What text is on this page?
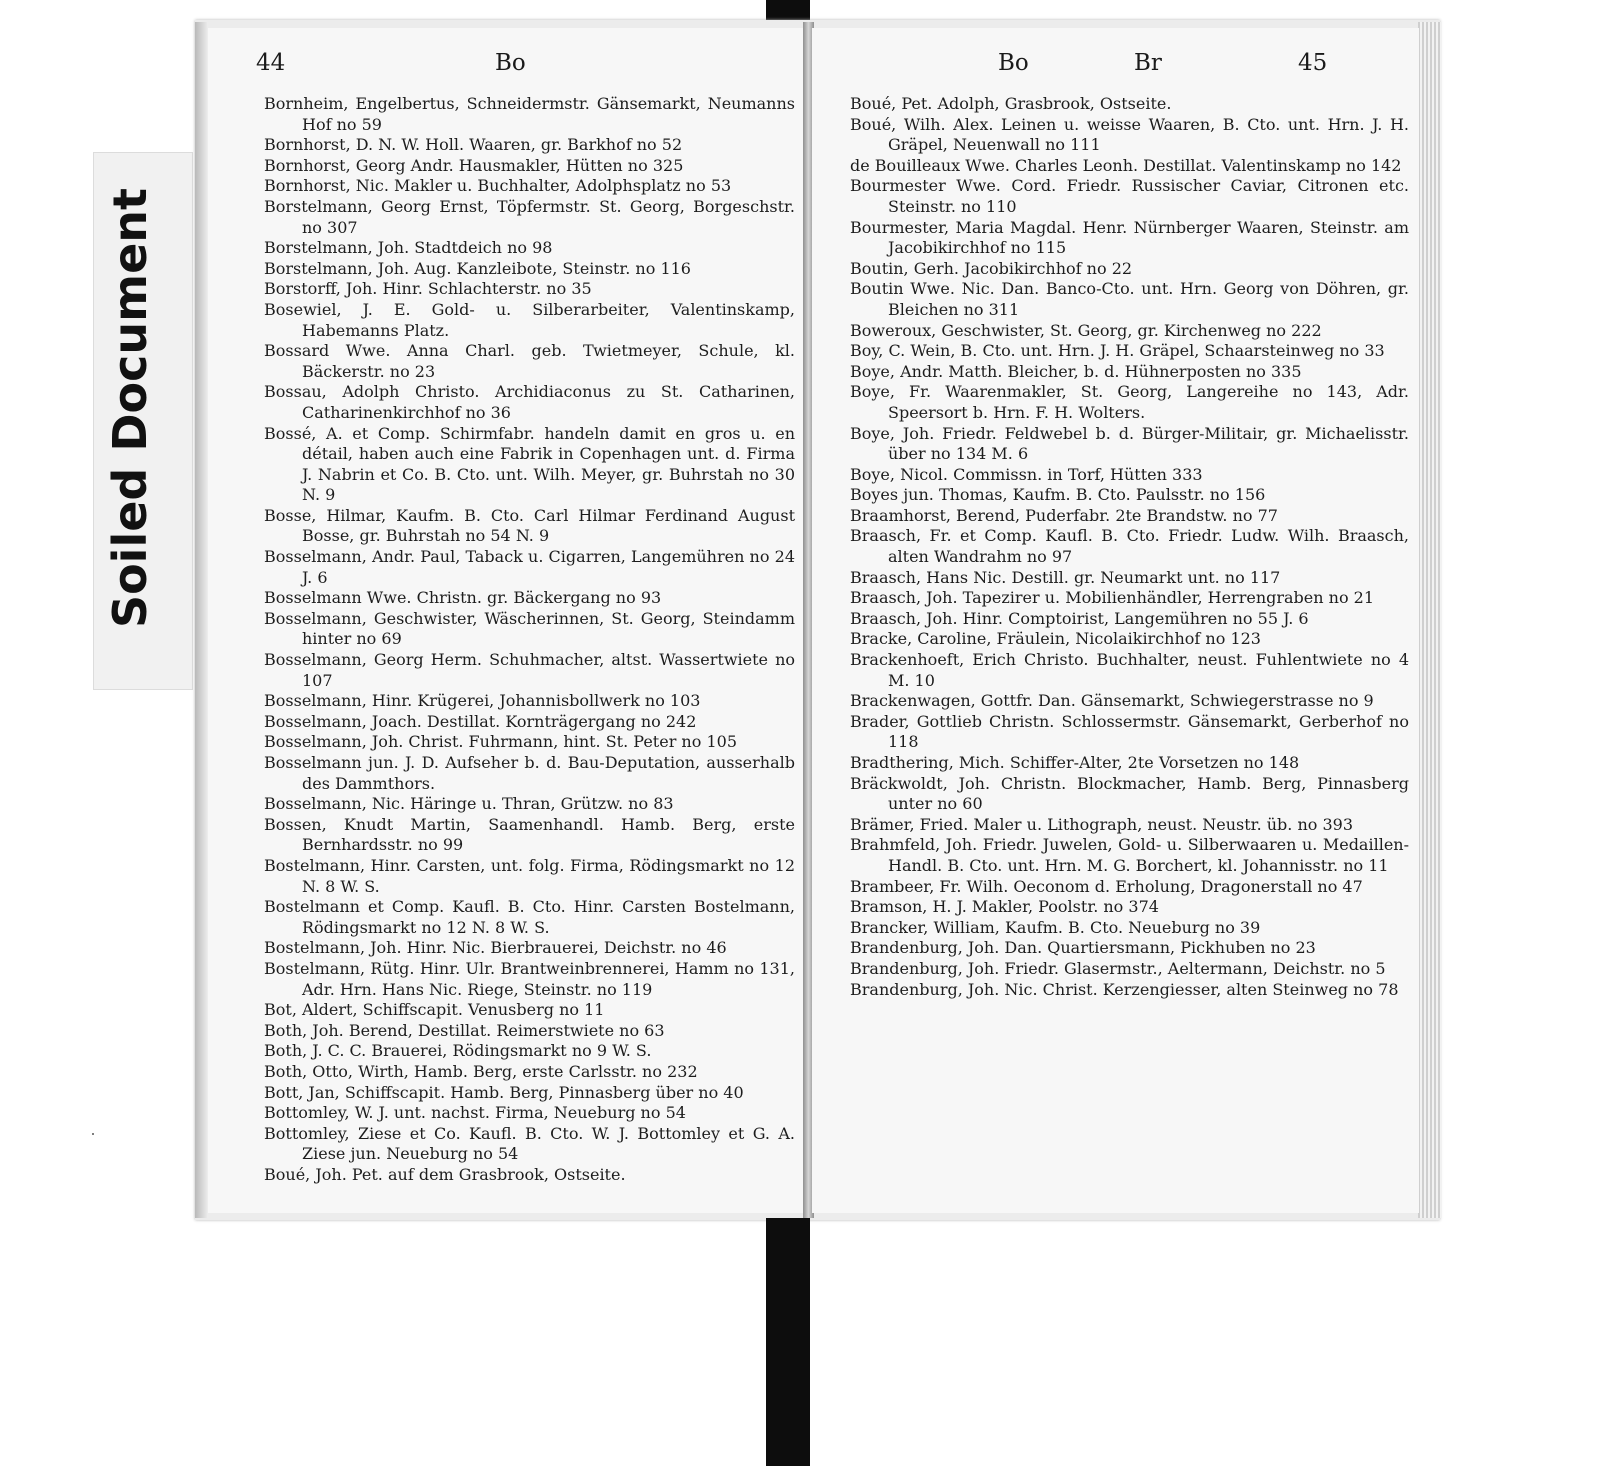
Soiled Document
44	Bo

Bornheim, Engelbertus, Schneidermstr. Gänsemarkt, Neumanns Hof no 59

Bornhorst, D. N. W. Holl. Waaren, gr. Barkhof no 52

Bornhorst, Georg Andr. Hausmakler, Hütten no 325

Bornhorst, Nic. Makler u. Buchhalter, Adolphsplatz no 53

Borstelmann, Georg Ernst, Töpfermstr. St. Georg, Borgeschstr. no 307

Borstelmann, Joh. Stadtdeich no 98

Borstelmann, Joh. Aug. Kanzleibote, Steinstr. no 116

Borstorff, Joh. Hinr. Schlachterstr. no 35

Bosewiel, J. E. Gold- u. Silberarbeiter, Valentinskamp, Habemanns Platz.

Bossard Wwe. Anna Charl. geb. Twietmeyer, Schule, kl. Bäckerstr. no 23

Bossau, Adolph Christo. Archidiaconus zu St. Catharinen, Catharinenkirchhof no 36

Bossé, A. et Comp. Schirmfabr. handeln damit en gros u. en détail, haben auch eine Fabrik in Copenhagen unt. d. Firma J. Nabrin et Co. B. Cto. unt. Wilh. Meyer, gr. Buhrstah no 30 N. 9

Bosse, Hilmar, Kaufm. B. Cto. Carl Hilmar Ferdinand August Bosse, gr. Buhrstah no 54 N. 9

Bosselmann, Andr. Paul, Taback u. Cigarren, Langemühren no 24 J. 6

Bosselmann Wwe. Christn. gr. Bäckergang no 93

Bosselmann, Geschwister, Wäscherinnen, St. Georg, Steindamm hinter no 69

Bosselmann, Georg Herm. Schuhmacher, altst. Wassertwiete no 107

Bosselmann, Hinr. Krügerei, Johannisbollwerk no 103

Bosselmann, Joach. Destillat. Kornträgergang no 242

Bosselmann, Joh. Christ. Fuhrmann, hint. St. Peter no 105

Bosselmann jun. J. D. Aufseher b. d. Bau-Deputation, ausserhalb des Dammthors.

Bosselmann, Nic. Häringe u. Thran, Grützw. no 83

Bossen, Knudt Martin, Saamenhandl. Hamb. Berg, erste Bernhardsstr. no 99

Bostelmann, Hinr. Carsten, unt. folg. Firma, Rödingsmarkt no 12 N. 8 W. S.

Bostelmann et Comp. Kaufl. B. Cto. Hinr. Carsten Bostelmann, Rödingsmarkt no 12 N. 8 W. S.

Bostelmann, Joh. Hinr. Nic. Bierbrauerei, Deichstr. no 46

Bostelmann, Rütg. Hinr. Ulr. Brantweinbrennerei, Hamm no 131, Adr. Hrn. Hans Nic. Riege, Steinstr. no 119

Bot, Aldert, Schiffscapit. Venusberg no 11

Both, Joh. Berend, Destillat. Reimerstwiete no 63

Both, J. C. C. Brauerei, Rödingsmarkt no 9 W. S.

Both, Otto, Wirth, Hamb. Berg, erste Carlsstr. no 232

Bott, Jan, Schiffscapit. Hamb. Berg, Pinnasberg über no 40

Bottomley, W. J. unt. nachst. Firma, Neueburg no 54

Bottomley, Ziese et Co. Kaufl. B. Cto. W. J. Bottomley et G. A. Ziese jun. Neueburg no 54

Boué, Joh. Pet. auf dem Grasbrook, Ostseite.

Bo	Br	45

Boué, Pet. Adolph, Grasbrook, Ostseite.

Boué, Wilh. Alex. Leinen u. weisse Waaren, B. Cto. unt. Hrn. J. H. Gräpel, Neuenwall no 111

de Bouilleaux Wwe. Charles Leonh. Destillat. Valentinskamp no 142

Bourmester Wwe. Cord. Friedr. Russischer Caviar, Citronen etc. Steinstr. no 110

Bourmester, Maria Magdal. Henr. Nürnberger Waaren, Steinstr. am Jacobikirchhof no 115

Boutin, Gerh. Jacobikirchhof no 22

Boutin Wwe. Nic. Dan. Banco-Cto. unt. Hrn. Georg von Döhren, gr. Bleichen no 311

Boweroux, Geschwister, St. Georg, gr. Kirchenweg no 222

Boy, C. Wein, B. Cto. unt. Hrn. J. H. Gräpel, Schaarsteinweg no 33

Boye, Andr. Matth. Bleicher, b. d. Hühnerposten no 335

Boye, Fr. Waarenmakler, St. Georg, Langereihe no 143, Adr. Speersort b. Hrn. F. H. Wolters.

Boye, Joh. Friedr. Feldwebel b. d. Bürger-Militair, gr. Michaelisstr. über no 134 M. 6

Boye, Nicol. Commissn. in Torf, Hütten 333

Boyes jun. Thomas, Kaufm. B. Cto. Paulsstr. no 156

Braamhorst, Berend, Puderfabr. 2te Brandstw. no 77

Braasch, Fr. et Comp. Kaufl. B. Cto. Friedr. Ludw. Wilh. Braasch, alten Wandrahm no 97

Braasch, Hans Nic. Destill. gr. Neumarkt unt. no 117

Braasch, Joh. Tapezirer u. Mobilienhändler, Herrengraben no 21

Braasch, Joh. Hinr. Comptoirist, Langemühren no 55 J. 6

Bracke, Caroline, Fräulein, Nicolaikirchhof no 123

Brackenhoeft, Erich Christo. Buchhalter, neust. Fuhlentwiete no 4 M. 10

Brackenwagen, Gottfr. Dan. Gänsemarkt, Schwiegerstrasse no 9

Brader, Gottlieb Christn. Schlossermstr. Gänsemarkt, Gerberhof no 118

Bradthering, Mich. Schiffer-Alter, 2te Vorsetzen no 148

Bräckwoldt, Joh. Christn. Blockmacher, Hamb. Berg, Pinnasberg unter no 60

Brämer, Fried. Maler u. Lithograph, neust. Neustr. üb. no 393

Brahmfeld, Joh. Friedr. Juwelen, Gold- u. Silberwaaren u. Medaillen-Handl. B. Cto. unt. Hrn. M. G. Borchert, kl. Johannisstr. no 11

Brambeer, Fr. Wilh. Oeconom d. Erholung, Dragonerstall no 47

Bramson, H. J. Makler, Poolstr. no 374

Brancker, William, Kaufm. B. Cto. Neueburg no 39

Brandenburg, Joh. Dan. Quartiersmann, Pickhuben no 23

Brandenburg, Joh. Friedr. Glasermstr., Aeltermann, Deichstr. no 5

Brandenburg, Joh. Nic. Christ. Kerzengiesser, alten Steinweg no 78
